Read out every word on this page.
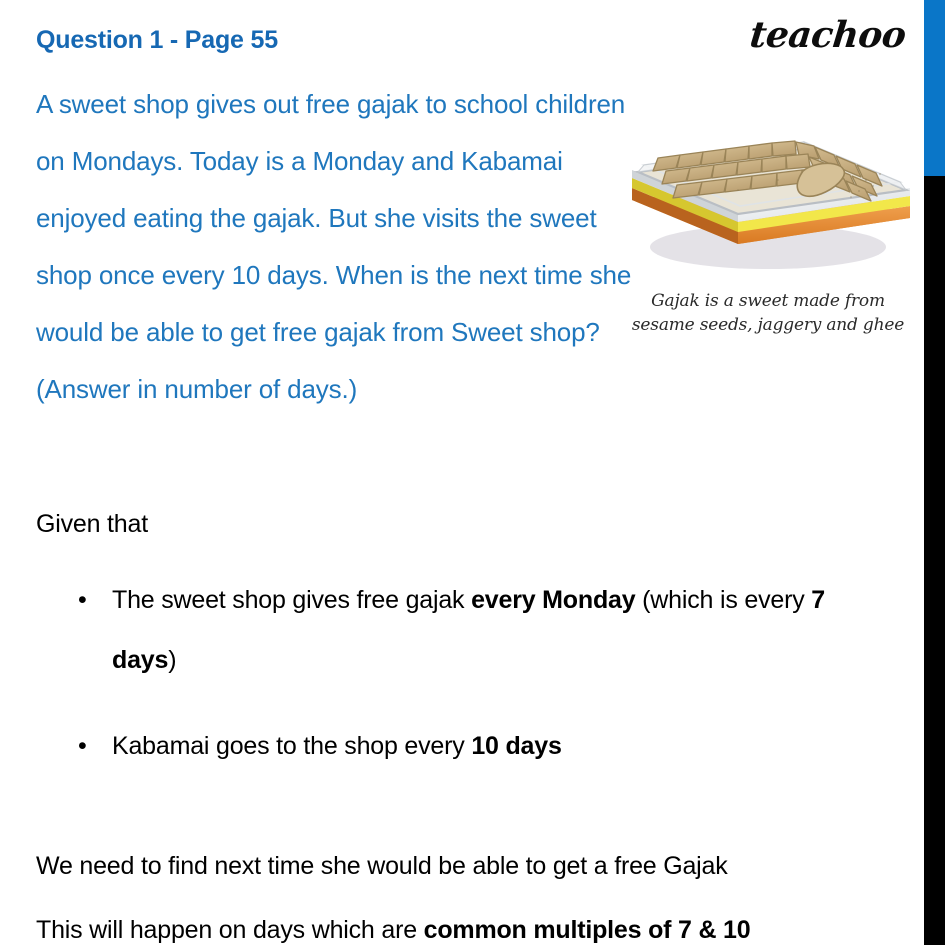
teachoo
Question 1 - Page 55
A sweet shop gives out free gajak to school children on Mondays. Today is a Monday and Kabamai enjoyed eating the gajak. But she visits the sweet shop once every 10 days. When is the next time she would be able to get free gajak from Sweet shop? (Answer in number of days.)
Gajak is a sweet made from
sesame seeds, jaggery and ghee
Given that
• The sweet shop gives free gajak every Monday (which is every 7 days)
• Kabamai goes to the shop every 10 days
We need to find next time she would be able to get a free Gajak
This will happen on days which are common multiples of 7 & 10
